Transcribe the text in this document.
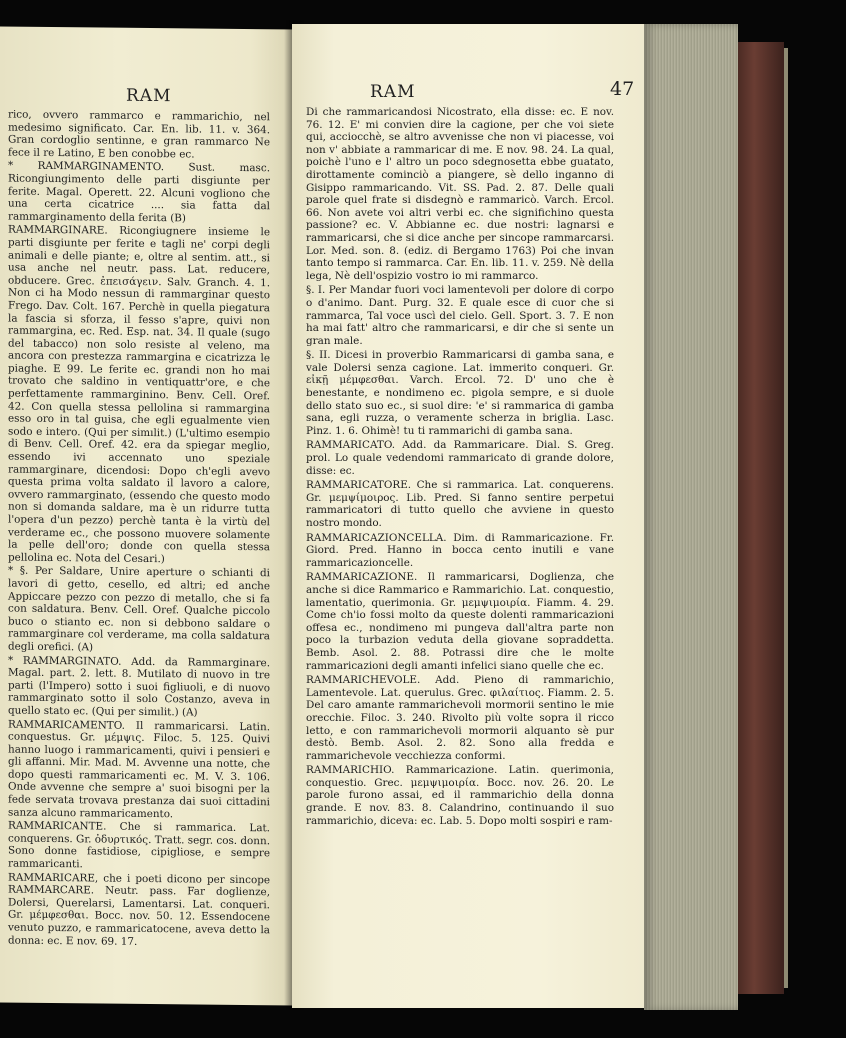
RAM

rico, ovvero rammarco e rammarichio, nel medesimo significato. Car. En. lib. 11. v. 364. Gran cordoglio sentinne, e gran rammarco Ne fece il re Latino, E ben conobbe ec.

* RAMMARGINAMENTO. Sust. masc. Ricongiungimento delle parti disgiunte per ferite. Magal. Operett. 22. Alcuni vogliono che una certa cicatrice .... sia fatta dal rammarginamento della ferita (B)

RAMMARGINARE. Ricongiugnere insieme le parti disgiunte per ferite e tagli ne' corpi degli animali e delle piante; e, oltre al sentim. att., si usa anche nel neutr. pass. Lat. reducere, obducere. Grec. ἐπεισάγειν. Salv. Granch. 4. 1. Non ci ha Modo nessun di rammarginar questo Frego. Dav. Colt. 167. Perchè in quella piegatura la fascia si sforza, il fesso s'apre, quivi non rammargina, ec. Red. Esp. nat. 34. Il quale (sugo del tabacco) non solo resiste al veleno, ma ancora con prestezza rammargina e cicatrizza le piaghe. E 99. Le ferite ec. grandi non ho mai trovato che saldino in ventiquattr'ore, e che perfettamente rammarginino. Benv. Cell. Oref. 42. Con quella stessa pellolina si rammargina esso oro in tal guisa, che egli egualmente vien sodo e intero. (Qui per simılit.) (L'ultimo esempio di Benv. Cell. Oref. 42. era da spiegar meglio, essendo ivi accennato uno speziale rammarginare, dicendosi: Dopo ch'egli avevo questa prima volta saldato il lavoro a calore, ovvero rammarginato, (essendo che questo modo non si domanda saldare, ma è un ridurre tutta l'opera d'un pezzo) perchè tanta è la virtù del verderame ec., che possono muovere solamente la pelle dell'oro; donde con quella stessa pellolina ec. Nota del Cesari.)

* §. Per Saldare, Unire aperture o schianti di lavori di getto, cesello, ed altri; ed anche Appiccare pezzo con pezzo di metallo, che si fa con saldatura. Benv. Cell. Oref. Qualche piccolo buco o stianto ec. non si debbono saldare o rammarginare col verderame, ma colla saldatura degli orefici. (A)

* RAMMARGINATO. Add. da Rammarginare. Magal. part. 2. lett. 8. Mutilato di nuovo in tre parti (l'Impero) sotto i suoi figliuoli, e di nuovo rammarginato sotto il solo Costanzo, aveva in quello stato ec. (Qui per simılit.) (A)

RAMMARICAMENTO. Il rammaricarsi. Latin. conquestus. Gr. μέμψις. Filoc. 5. 125. Quivi hanno luogo i rammaricamenti, quivi i pensieri e gli affanni. Mir. Mad. M. Avvenne una notte, che dopo questi rammaricamenti ec. M. V. 3. 106. Onde avvenne che sempre a' suoi bisogni per la fede servata trovava prestanza dai suoi cittadini sanza alcuno rammaricamento.

RAMMARICANTE. Che si rammarica. Lat. conquerens. Gr. ὀδυρτικός. Tratt. segr. cos. donn. Sono donne fastidiose, cipigliose, e sempre rammaricanti.

RAMMARICARE, che i poeti dicono per sincope RAMMARCARE. Neutr. pass. Far doglienze, Dolersi, Querelarsi, Lamentarsi. Lat. conqueri. Gr. μέμφεσθαι. Bocc. nov. 50. 12. Essendocene venuto puzzo, e rammaricatocene, aveva detto la donna: ec. E nov. 69. 17.

RAM	47

Di che rammaricandosi Nicostrato, ella disse: ec. E nov. 76. 12. E' mi convien dire la cagione, per che voi siete qui, acciocchè, se altro avvenisse che non vi piacesse, voi non v' abbiate a rammaricar di me. E nov. 98. 24. La qual, poichè l'uno e l' altro un poco sdegnosetta ebbe guatato, dirottamente cominciò a piangere, sè dello inganno di Gisippo rammaricando. Vit. SS. Pad. 2. 87. Delle quali parole quel frate si disdegnò e rammaricò. Varch. Ercol. 66. Non avete voi altri verbi ec. che significhino questa passione? ec. V. Abbianne ec. due nostri: lagnarsi e rammaricarsi, che si dice anche per sincope rammarcarsi. Lor. Med. son. 8. (ediz. di Bergamo 1763) Poi che invan tanto tempo si rammarca. Car. En. lib. 11. v. 259. Nè della lega, Nè dell'ospizio vostro io mi rammarco.

§. I. Per Mandar fuori voci lamentevoli per dolore di corpo o d'animo. Dant. Purg. 32. E quale esce di cuor che si rammarca, Tal voce uscì del cielo. Gell. Sport. 3. 7. E non ha mai fatt' altro che rammaricarsi, e dir che si sente un gran male.

§. II. Dicesi in proverbio Rammaricarsi di gamba sana, e vale Dolersi senza cagione. Lat. immerito conqueri. Gr. εἰκῇ μέμφεσθαι. Varch. Ercol. 72. D' uno che è benestante, e nondimeno ec. pigola sempre, e si duole dello stato suo ec., si suol dire: 'e' si rammarica di gamba sana, egli ruzza, o veramente scherza in briglia. Lasc. Pinz. 1. 6. Ohimè! tu ti rammarichi di gamba sana.

RAMMARICATO. Add. da Rammaricare. Dial. S. Greg. prol. Lo quale vedendomi rammaricato di grande dolore, disse: ec.

RAMMARICATORE. Che si rammarica. Lat. conquerens. Gr. μεμψίμοιρος. Lib. Pred. Si fanno sentire perpetui rammaricatori di tutto quello che avviene in questo nostro mondo.

RAMMARICAZIONCELLA. Dim. di Rammaricazione. Fr. Giord. Pred. Hanno in bocca cento inutili e vane rammaricazioncelle.

RAMMARICAZIONE. Il rammaricarsi, Doglienza, che anche si dice Rammarico e Rammarichio. Lat. conquestio, lamentatio, querimonia. Gr. μεμψιμοιρία. Fiamm. 4. 29. Come ch'io fossi molto da queste dolenti rammaricazioni offesa ec., nondimeno mi pungeva dall'altra parte non poco la turbazion veduta della giovane sopraddetta. Bemb. Asol. 2. 88. Potrassi dire che le molte rammaricazioni degli amanti infelici siano quelle che ec.

RAMMARICHEVOLE. Add. Pieno di rammarichio, Lamentevole. Lat. querulus. Grec. φιλαίτιος. Fiamm. 2. 5. Del caro amante rammarichevoli mormorii sentino le mie orecchie. Filoc. 3. 240. Rivolto più volte sopra il ricco letto, e con rammarichevoli mormorii alquanto sè pur destò. Bemb. Asol. 2. 82. Sono alla fredda e rammarichevole vecchiezza conformi.

RAMMARICHIO. Rammaricazione. Latin. querimonia, conquestio. Grec. μεμψιμοιρία. Bocc. nov. 26. 20. Le parole furono assai, ed il rammarichio della donna grande. E nov. 83. 8. Calandrino, continuando il suo rammarichio, diceva: ec. Lab. 5. Dopo molti sospiri e ram-
